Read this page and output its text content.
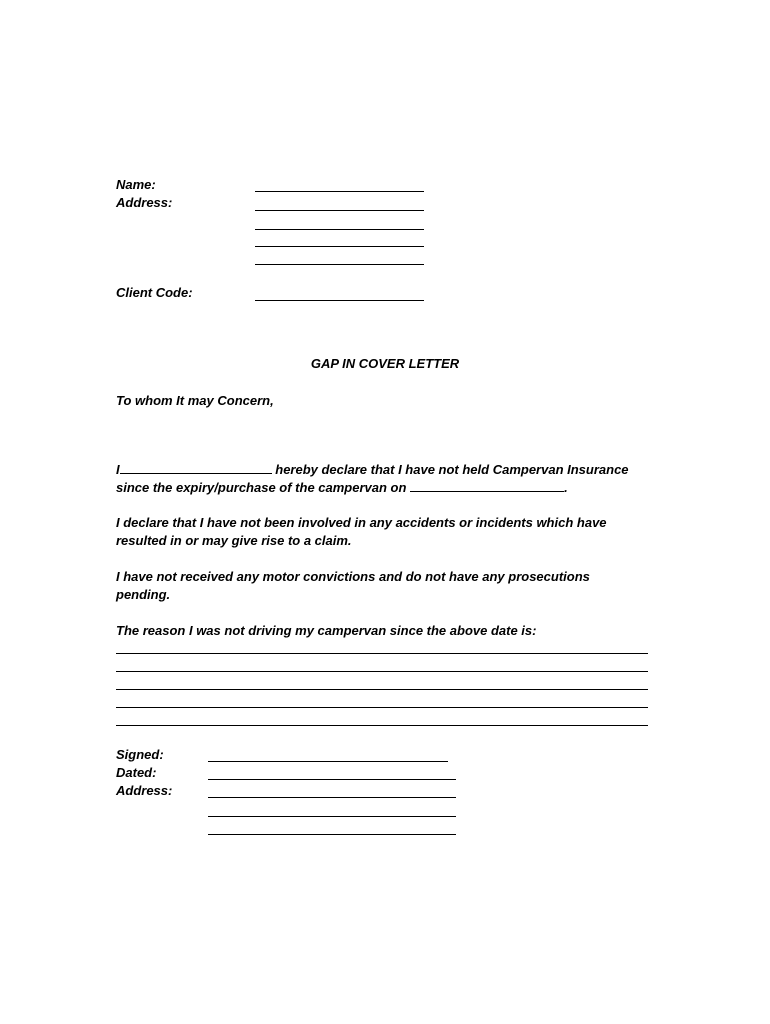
Name:
Address:
Client Code:
GAP IN COVER LETTER
To whom It may Concern,
I	hereby declare that I have not held Campervan Insurance
since the expiry/purchase of the campervan on	.
I declare that I have not been involved in any accidents or incidents which have
resulted in or may give rise to a claim.
I have not received any motor convictions and do not have any prosecutions
pending.
The reason I was not driving my campervan since the above date is:
Signed:
Dated:
Address:
